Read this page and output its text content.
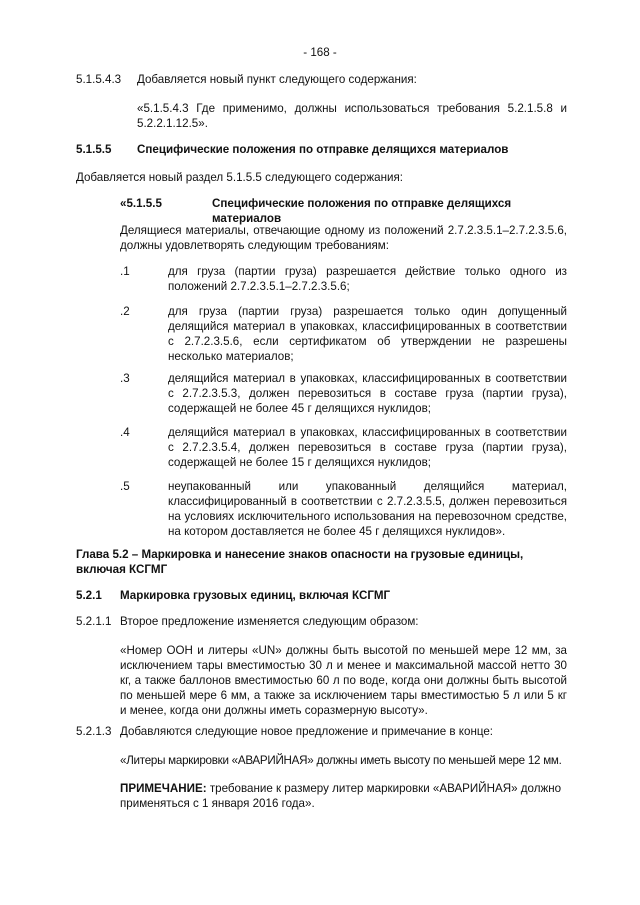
- 168 -
5.1.5.4.3 Добавляется новый пункт следующего содержания:
«5.1.5.4.3 Где применимо, должны использоваться требования 5.2.1.5.8 и 5.2.2.1.12.5».
5.1.5.5 Специфические положения по отправке делящихся материалов
Добавляется новый раздел 5.1.5.5 следующего содержания:
«5.1.5.5	Специфические положения по отправке делящихся материалов
Делящиеся материалы, отвечающие одному из положений 2.7.2.3.5.1–2.7.2.3.5.6, должны удовлетворять следующим требованиям:
.1	для груза (партии груза) разрешается действие только одного из положений 2.7.2.3.5.1–2.7.2.3.5.6;
.2	для груза (партии груза) разрешается только один допущенный делящийся материал в упаковках, классифицированных в соответствии с 2.7.2.3.5.6, если сертификатом об утверждении не разрешены несколько материалов;
.3	делящийся материал в упаковках, классифицированных в соответствии с 2.7.2.3.5.3, должен перевозиться в составе груза (партии груза), содержащей не более 45 г делящихся нуклидов;
.4	делящийся материал в упаковках, классифицированных в соответствии с 2.7.2.3.5.4, должен перевозиться в составе груза (партии груза), содержащей не более 15 г делящихся нуклидов;
.5	неупакованный или упакованный делящийся материал, классифицированный в соответствии с 2.7.2.3.5.5, должен перевозиться на условиях исключительного использования на перевозочном средстве, на котором доставляется не более 45 г делящихся нуклидов».
Глава 5.2 – Маркировка и нанесение знаков опасности на грузовые единицы, включая КСГМГ
5.2.1 Маркировка грузовых единиц, включая КСГМГ
5.2.1.1 Второе предложение изменяется следующим образом:
«Номер ООН и литеры «UN» должны быть высотой по меньшей мере 12 мм, за исключением тары вместимостью 30 л и менее и максимальной массой нетто 30 кг, а также баллонов вместимостью 60 л по воде, когда они должны быть высотой по меньшей мере 6 мм, а также за исключением тары вместимостью 5 л или 5 кг и менее, когда они должны иметь соразмерную высоту».
5.2.1.3 Добавляются следующие новое предложение и примечание в конце:
«Литеры маркировки «АВАРИЙНАЯ» должны иметь высоту по меньшей мере 12 мм.
ПРИМЕЧАНИЕ: требование к размеру литер маркировки «АВАРИЙНАЯ» должно применяться с 1 января 2016 года».
